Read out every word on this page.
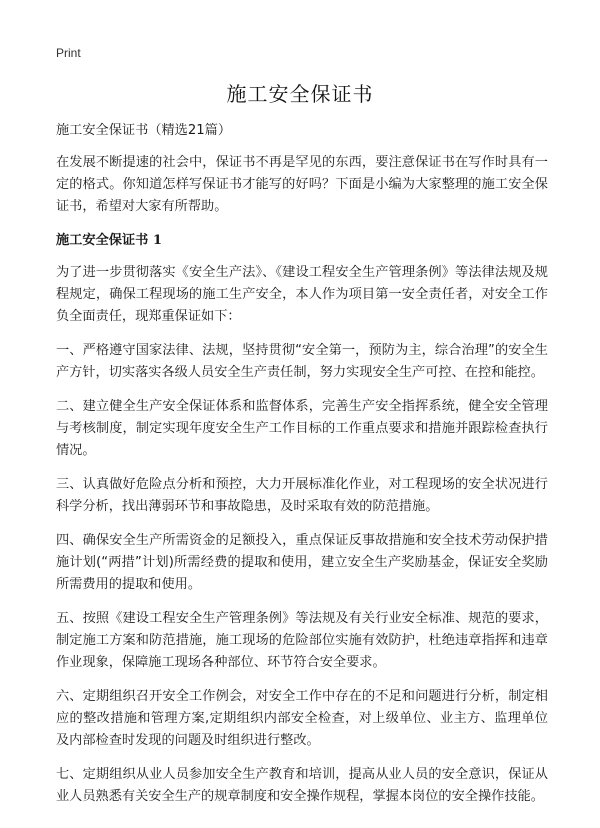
Print
施工安全保证书

施工安全保证书（精选21篇）

在发展不断提速的社会中，保证书不再是罕见的东西，要注意保证书在写作时具有一定的格式。你知道怎样写保证书才能写的好吗？下面是小编为大家整理的施工安全保证书，希望对大家有所帮助。

施工安全保证书 1

为了进一步贯彻落实《安全生产法》、《建设工程安全生产管理条例》等法律法规及规程规定，确保工程现场的施工生产安全，本人作为项目第一安全责任者，对安全工作负全面责任，现郑重保证如下：

一、严格遵守国家法律、法规，坚持贯彻“安全第一，预防为主，综合治理”的安全生产方针，切实落实各级人员安全生产责任制，努力实现安全生产可控、在控和能控。

二、建立健全生产安全保证体系和监督体系，完善生产安全指挥系统，健全安全管理与考核制度，制定实现年度安全生产工作目标的工作重点要求和措施并跟踪检查执行情况。

三、认真做好危险点分析和预控，大力开展标准化作业，对工程现场的安全状况进行科学分析，找出薄弱环节和事故隐患，及时采取有效的防范措施。

四、确保安全生产所需资金的足额投入，重点保证反事故措施和安全技术劳动保护措施计划(“两措”计划)所需经费的提取和使用，建立安全生产奖励基金，保证安全奖励所需费用的提取和使用。

五、按照《建设工程安全生产管理条例》等法规及有关行业安全标准、规范的要求，制定施工方案和防范措施，施工现场的危险部位实施有效防护，杜绝违章指挥和违章作业现象，保障施工现场各种部位、环节符合安全要求。

六、定期组织召开安全工作例会，对安全工作中存在的不足和问题进行分析，制定相应的整改措施和管理方案,定期组织内部安全检查，对上级单位、业主方、监理单位及内部检查时发现的问题及时组织进行整改。

七、定期组织从业人员参加安全生产教育和培训，提高从业人员的安全意识，保证从业人员熟悉有关安全生产的规章制度和安全操作规程，掌握本岗位的安全操作技能。
